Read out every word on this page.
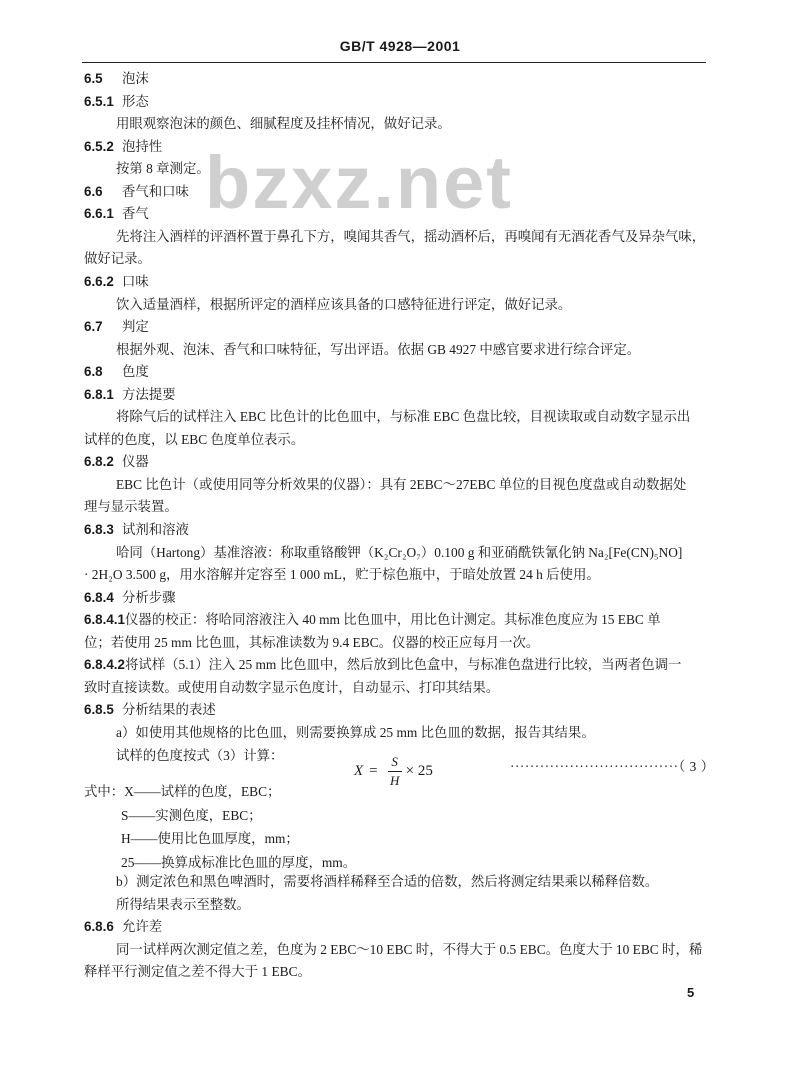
GB/T 4928—2001
bzxz.net
6.5 泡沫
6.5.1 形态
用眼观察泡沫的颜色、细腻程度及挂杯情况，做好记录。
6.5.2 泡持性
按第 8 章测定。
6.6 香气和口味
6.6.1 香气
先将注入酒样的评酒杯置于鼻孔下方，嗅闻其香气，摇动酒杯后，再嗅闻有无酒花香气及异杂气味，
做好记录。
6.6.2 口味
饮入适量酒样，根据所评定的酒样应该具备的口感特征进行评定，做好记录。
6.7 判定
根据外观、泡沫、香气和口味特征，写出评语。依据 GB 4927 中感官要求进行综合评定。
6.8 色度
6.8.1 方法提要
将除气后的试样注入 EBC 比色计的比色皿中，与标准 EBC 色盘比较，目视读取或自动数字显示出
试样的色度，以 EBC 色度单位表示。
6.8.2 仪器
EBC 比色计（或使用同等分析效果的仪器）：具有 2EBC～27EBC 单位的目视色度盘或自动数据处
理与显示装置。
6.8.3 试剂和溶液
哈同（Hartong）基准溶液：称取重铬酸钾（K₂Cr₂O₇）0.100 g 和亚硝酰铁氰化钠 Na₂[Fe(CN)₅NO]
· 2H₂O 3.500 g，用水溶解并定容至 1 000 mL，贮于棕色瓶中，于暗处放置 24 h 后使用。
6.8.4 分析步骤
6.8.4.1仪器的校正：将哈同溶液注入 40 mm 比色皿中，用比色计测定。其标准色度应为 15 EBC 单
位；若使用 25 mm 比色皿，其标准读数为 9.4 EBC。仪器的校正应每月一次。
6.8.4.2将试样（5.1）注入 25 mm 比色皿中，然后放到比色盒中，与标准色盘进行比较，当两者色调一
致时直接读数。或使用自动数字显示色度计，自动显示、打印其结果。
6.8.5 分析结果的表述
a）如使用其他规格的比色皿，则需要换算成 25 mm 比色皿的数据，报告其结果。
试样的色度按式（3）计算：
$X = \frac{S}{H} \times 25$	··································（ 3 ）
式中：X——试样的色度，EBC；
S——实测色度，EBC；
H——使用比色皿厚度，mm；
25——换算成标准比色皿的厚度，mm。
b）测定浓色和黑色啤酒时，需要将酒样稀释至合适的倍数，然后将测定结果乘以稀释倍数。
所得结果表示至整数。
6.8.6 允许差
同一试样两次测定值之差，色度为 2 EBC～10 EBC 时，不得大于 0.5 EBC。色度大于 10 EBC 时，稀
释样平行测定值之差不得大于 1 EBC。
5
